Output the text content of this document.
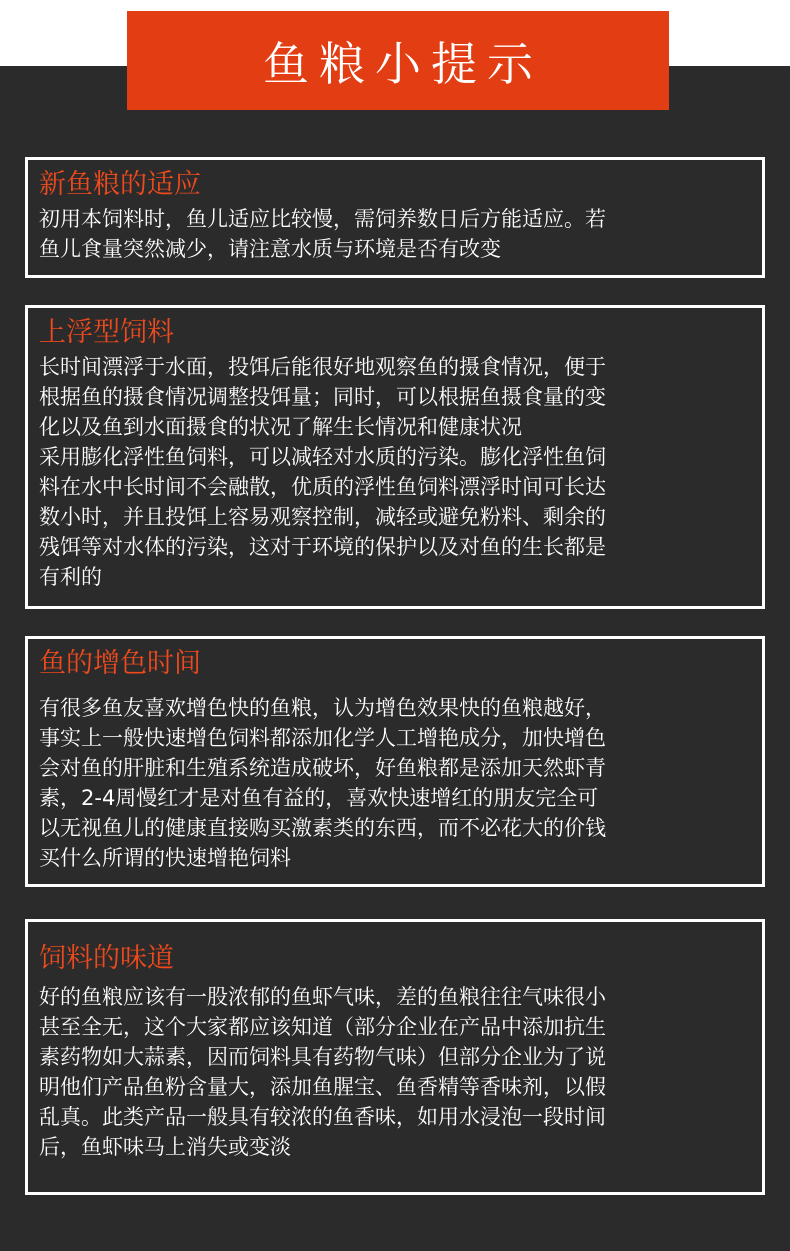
鱼粮小提示
新鱼粮的适应

初用本饲料时，鱼儿适应比较慢，需饲养数日后方能适应。若

鱼儿食量突然减少，请注意水质与环境是否有改变

上浮型饲料

长时间漂浮于水面，投饵后能很好地观察鱼的摄食情况，便于

根据鱼的摄食情况调整投饵量；同时，可以根据鱼摄食量的变

化以及鱼到水面摄食的状况了解生长情况和健康状况

采用膨化浮性鱼饲料，可以减轻对水质的污染。膨化浮性鱼饲

料在水中长时间不会融散，优质的浮性鱼饲料漂浮时间可长达

数小时，并且投饵上容易观察控制，减轻或避免粉料、剩余的

残饵等对水体的污染，这对于环境的保护以及对鱼的生长都是

有利的

鱼的增色时间

有很多鱼友喜欢增色快的鱼粮，认为增色效果快的鱼粮越好，

事实上一般快速增色饲料都添加化学人工增艳成分，加快增色

会对鱼的肝脏和生殖系统造成破坏，好鱼粮都是添加天然虾青

素，2-4周慢红才是对鱼有益的，喜欢快速增红的朋友完全可

以无视鱼儿的健康直接购买激素类的东西，而不必花大的价钱

买什么所谓的快速增艳饲料

饲料的味道

好的鱼粮应该有一股浓郁的鱼虾气味，差的鱼粮往往气味很小

甚至全无，这个大家都应该知道（部分企业在产品中添加抗生

素药物如大蒜素，因而饲料具有药物气味）但部分企业为了说

明他们产品鱼粉含量大，添加鱼腥宝、鱼香精等香味剂，以假

乱真。此类产品一般具有较浓的鱼香味，如用水浸泡一段时间

后，鱼虾味马上消失或变淡
